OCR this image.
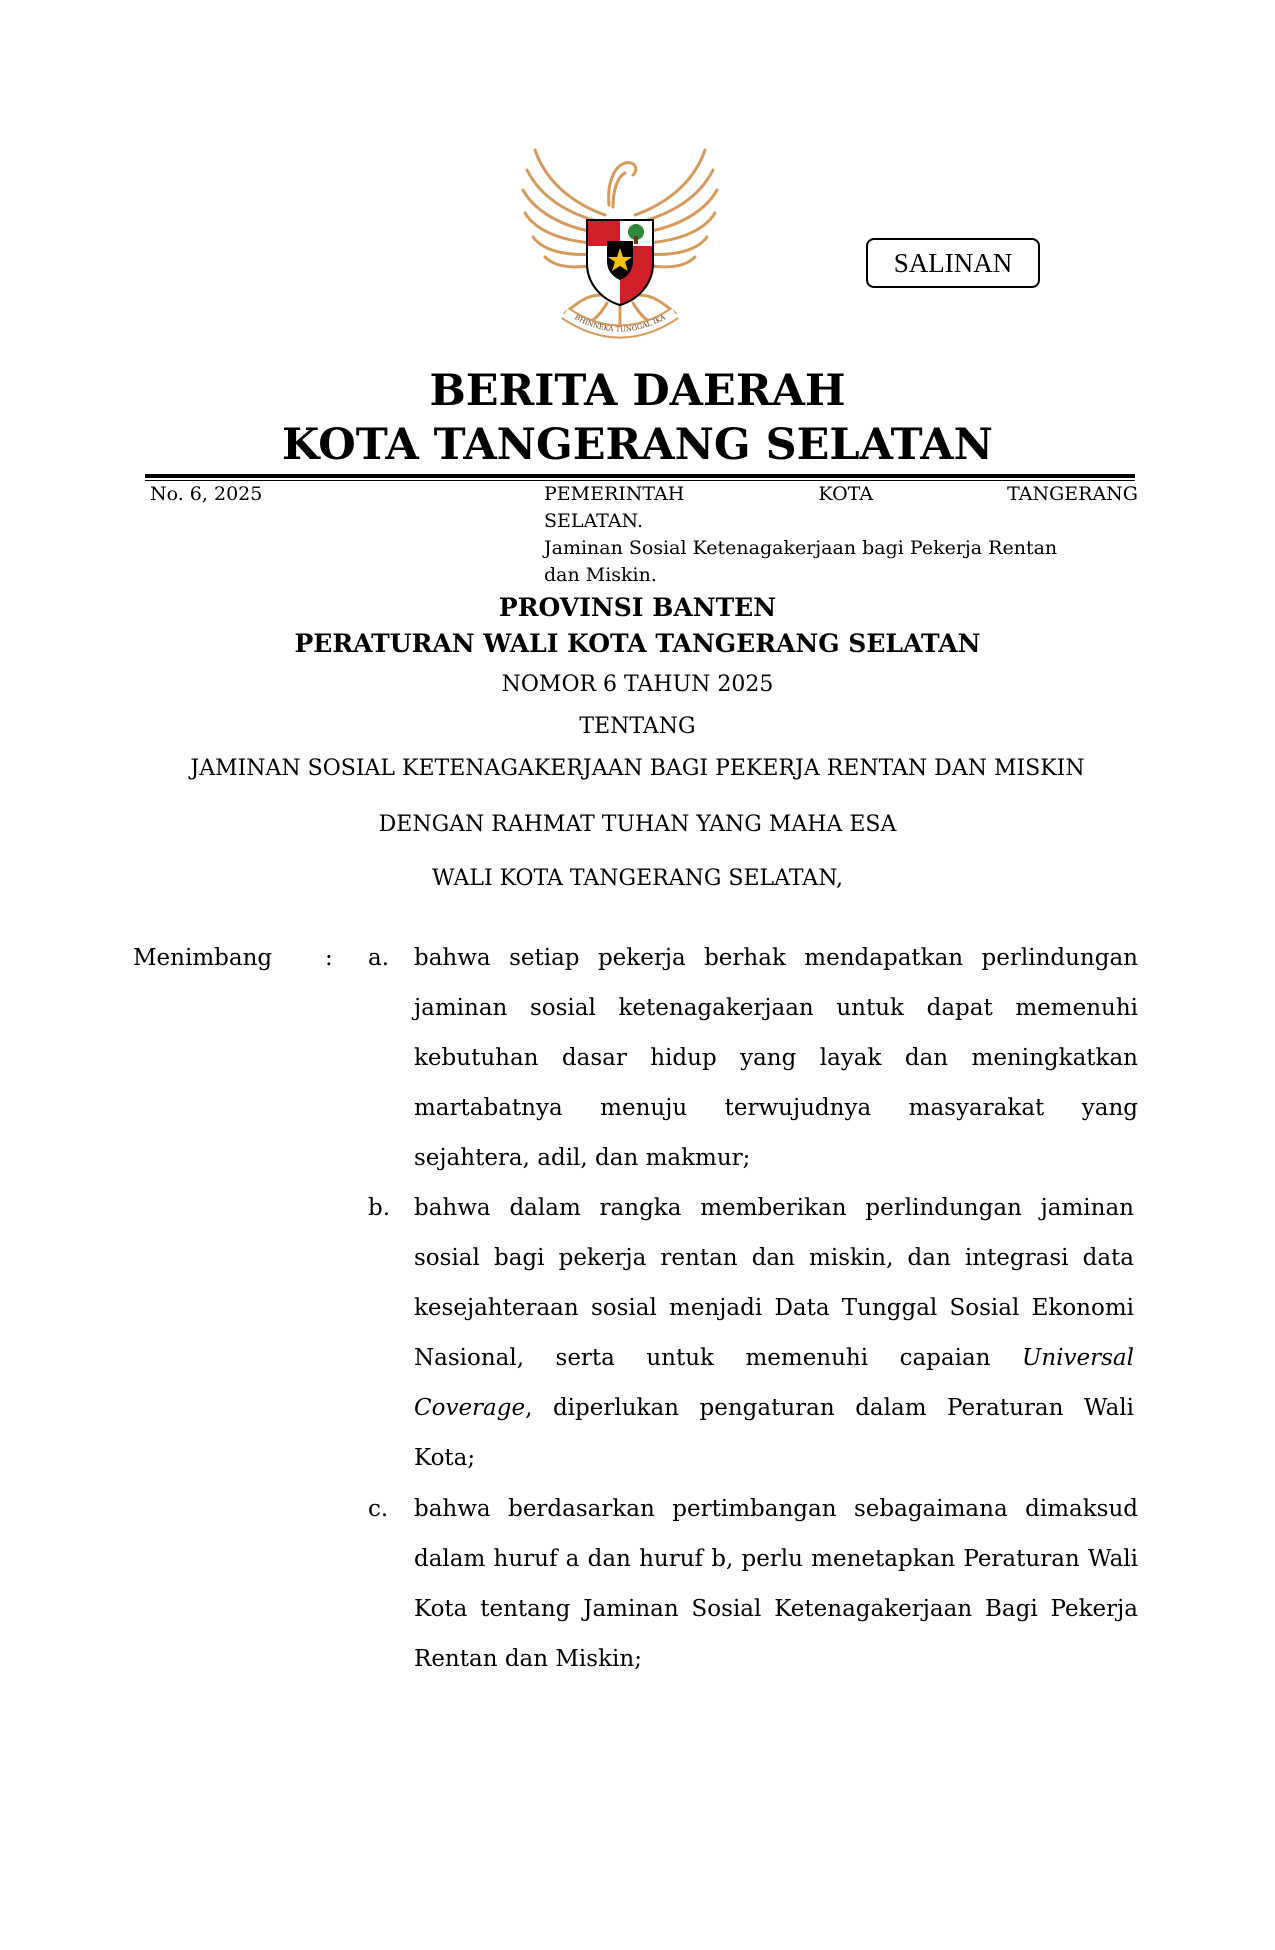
BHINNEKA TUNGGAL IKA
SALINAN
BERITA DAERAH
KOTA TANGERANG SELATAN
No. 6, 2025	PEMERINTAH	KOTA	TANGERANG
SELATAN.
Jaminan Sosial Ketenagakerjaan bagi Pekerja Rentan
dan Miskin.
PROVINSI BANTEN
PERATURAN WALI KOTA TANGERANG SELATAN
NOMOR 6 TAHUN 2025
TENTANG
JAMINAN SOSIAL KETENAGAKERJAAN BAGI PEKERJA RENTAN DAN MISKIN
DENGAN RAHMAT TUHAN YANG MAHA ESA
WALI KOTA TANGERANG SELATAN,
Menimbang : a. bahwa setiap pekerja berhak mendapatkan perlindungan jaminan sosial ketenagakerjaan untuk dapat memenuhi kebutuhan dasar hidup yang layak dan meningkatkan martabatnya menuju terwujudnya masyarakat yang sejahtera, adil, dan makmur;
b. bahwa dalam rangka memberikan perlindungan jaminan sosial bagi pekerja rentan dan miskin, dan integrasi data kesejahteraan sosial menjadi Data Tunggal Sosial Ekonomi Nasional, serta untuk memenuhi capaian Universal Coverage, diperlukan pengaturan dalam Peraturan Wali Kota;
c. bahwa berdasarkan pertimbangan sebagaimana dimaksud dalam huruf a dan huruf b, perlu menetapkan Peraturan Wali Kota tentang Jaminan Sosial Ketenagakerjaan Bagi Pekerja Rentan dan Miskin;
